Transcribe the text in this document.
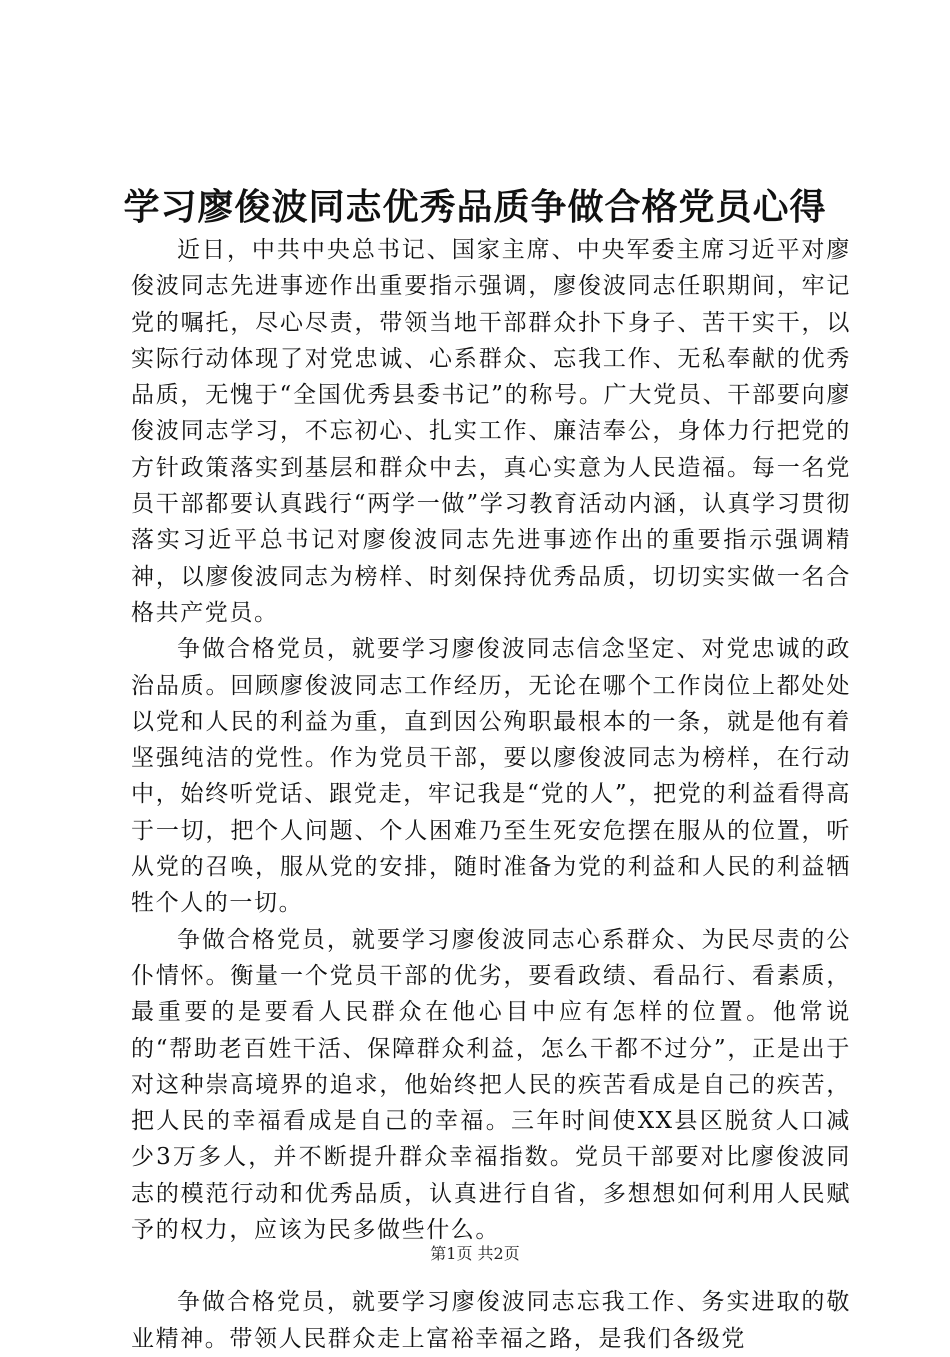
学习廖俊波同志优秀品质争做合格党员心得

近日，中共中央总书记、国家主席、中央军委主席习近平对廖俊波同志先进事迹作出重要指示强调，廖俊波同志任职期间，牢记党的嘱托，尽心尽责，带领当地干部群众扑下身子、苦干实干，以实际行动体现了对党忠诚、心系群众、忘我工作、无私奉献的优秀品质，无愧于“全国优秀县委书记”的称号。广大党员、干部要向廖俊波同志学习，不忘初心、扎实工作、廉洁奉公，身体力行把党的方针政策落实到基层和群众中去，真心实意为人民造福。每一名党员干部都要认真践行“两学一做”学习教育活动内涵，认真学习贯彻落实习近平总书记对廖俊波同志先进事迹作出的重要指示强调精神，以廖俊波同志为榜样、时刻保持优秀品质，切切实实做一名合格共产党员。

争做合格党员，就要学习廖俊波同志信念坚定、对党忠诚的政治品质。回顾廖俊波同志工作经历，无论在哪个工作岗位上都处处以党和人民的利益为重，直到因公殉职最根本的一条，就是他有着坚强纯洁的党性。作为党员干部，要以廖俊波同志为榜样，在行动中，始终听党话、跟党走，牢记我是“党的人”，把党的利益看得高于一切，把个人问题、个人困难乃至生死安危摆在服从的位置，听从党的召唤，服从党的安排，随时准备为党的利益和人民的利益牺牲个人的一切。

争做合格党员，就要学习廖俊波同志心系群众、为民尽责的公仆情怀。衡量一个党员干部的优劣，要看政绩、看品行、看素质，最重要的是要看人民群众在他心目中应有怎样的位置。他常说的“帮助老百姓干活、保障群众利益，怎么干都不过分”，正是出于对这种崇高境界的追求，他始终把人民的疾苦看成是自己的疾苦，把人民的幸福看成是自己的幸福。三年时间使XX县区脱贫人口减少3万多人，并不断提升群众幸福指数。党员干部要对比廖俊波同志的模范行动和优秀品质，认真进行自省，多想想如何利用人民赋予的权力，应该为民多做些什么。

争做合格党员，就要学习廖俊波同志忘我工作、务实进取的敬业精神。带领人民群众走上富裕幸福之路，是我们各级党

第1页 共2页
